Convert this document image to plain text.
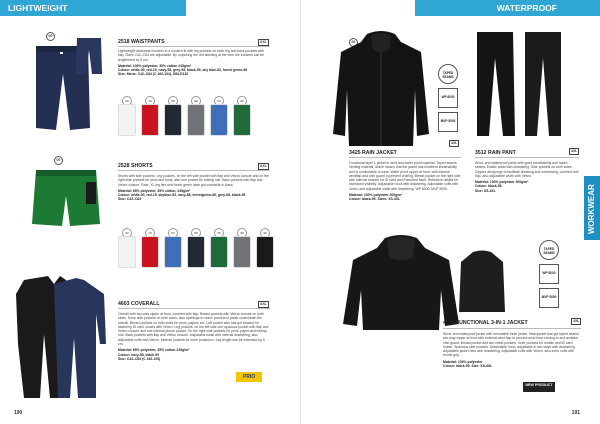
LIGHTWEIGHT
00
2518 WAISTPANTS	XXL
Lightweight workwear trousers in a modern fit with leg pockets on each leg and back pockets with flap. Sizes C42–C64 are adjustable. By unpicking the red stitching at the hem the trousers can be lengthened by 5 cm.
Material: 100% polyester, 35% cotton 245g/m²
Colour: white-00, red-19, navy-58, grey-98, black-99, sky blue-53, forest green-66
Size: Mens: C42–C64 (C 162-194), D84-D120
00	19	58	98	53	66
00
2528 SHORTS	XXL
Shorts with side pockets. Leg pockets, on the left side pocket with flap and Velcro closure and on the right side pockets for pens and tools, also one pocket for folding rule. Back pockets with flap and Velcro closure. Rear: XL leg ties and forest green have got contrasts in black.
Material: 65% polyester, 35% cotton, 245g/m²
Colour: white-00, red-19, skyblue-53, navy-58, forestgreen-66, grey-98, black-99
Size: C42–C64
00	19	53	58	66	98	99
4603 COVERALL	XXL
Overall with two-way zipper at front, covered with flap. Breast pockets with Velcro closure on both sides. Deep side pockets on both sides, also openings to reach pockets in pants underneath the overall. Breast pockets on both sides for pens, papers etc. Left pocket also has got bracket for fastening ID card, closes with Velcro. Leg pockets, on the left side one spacious pocket with flap and Velcro closure and one internal phone pocket. On the right side pockets for pens, paper and folding rule. Back pockets with flap and Velcro closure. Adjustable waist with internal drawstring, also adjustable cuffs with Velcro. Internal pockets for knee protection. Leg length can be extended by 5 cm.
Material: 65% polyester, 35% cotton 245g/m²
Colour: navy-58, black-99
Size: C42–C64 (C 162-194)
PRIO
190
WATERPROOF
00
TAPED SEAMS
WP 8000
MVP 5000
3425 RAIN JACKET
4XL
Functional layer 1 jacket in wind and water proof material. Taped seams. Venting material, which means that the jacket has excellent breathability and is comfortable to wear. Water proof zipper at front, with internal windflap and chin guard to prevent chafing. Breast pocket on the right side with internal bracket for ID card and Extended back. Reflective details for increased visibility. Adjustable hood with drawstring. Adjustable cuffs with Velcro and adjustable waist with drawstring. WP 8000, MVP 5000.
Material: 100% polyester 200g/m²
Colour: black-99. Sizes: XS-4XL
3512 RAIN PANT	4XL
Wind- and waterproof pants with good breathability and taped seams. Elastic waist with drawstring. Side pockets on both sides. Zippers along legs to facilitate dressing and undressing, covered with flap, also adjustable width with Velcro.
Material: 100% polyester 200g/m²
Colour: black-99.
Size: XS-4XL
TAPED SEAMS
WP 8000
MVP 5000
4424 FUNCTIONAL 3-IN-1 JACKET	4XL
Wind- and waterproof jacket with removable inner jacket. Main jacket has got taped seams, two-way zipper at front with external wind flap to prevent wind from coming in and ambient chin guard. Breast pocket and two chest pockets. Inner pockets for mobile and ID card holder. Spacious side pockets. Detachable hood, adjustable in two ways with drawstring. Adjustable jacket hem with drawstring. Adjustable cuffs with Velcro, also inner cuffs with thumb grip.
Material: 100% polyester
Colour: black-99. Size: XS-4XL
NEW PRODUCT
WORKWEAR
191
